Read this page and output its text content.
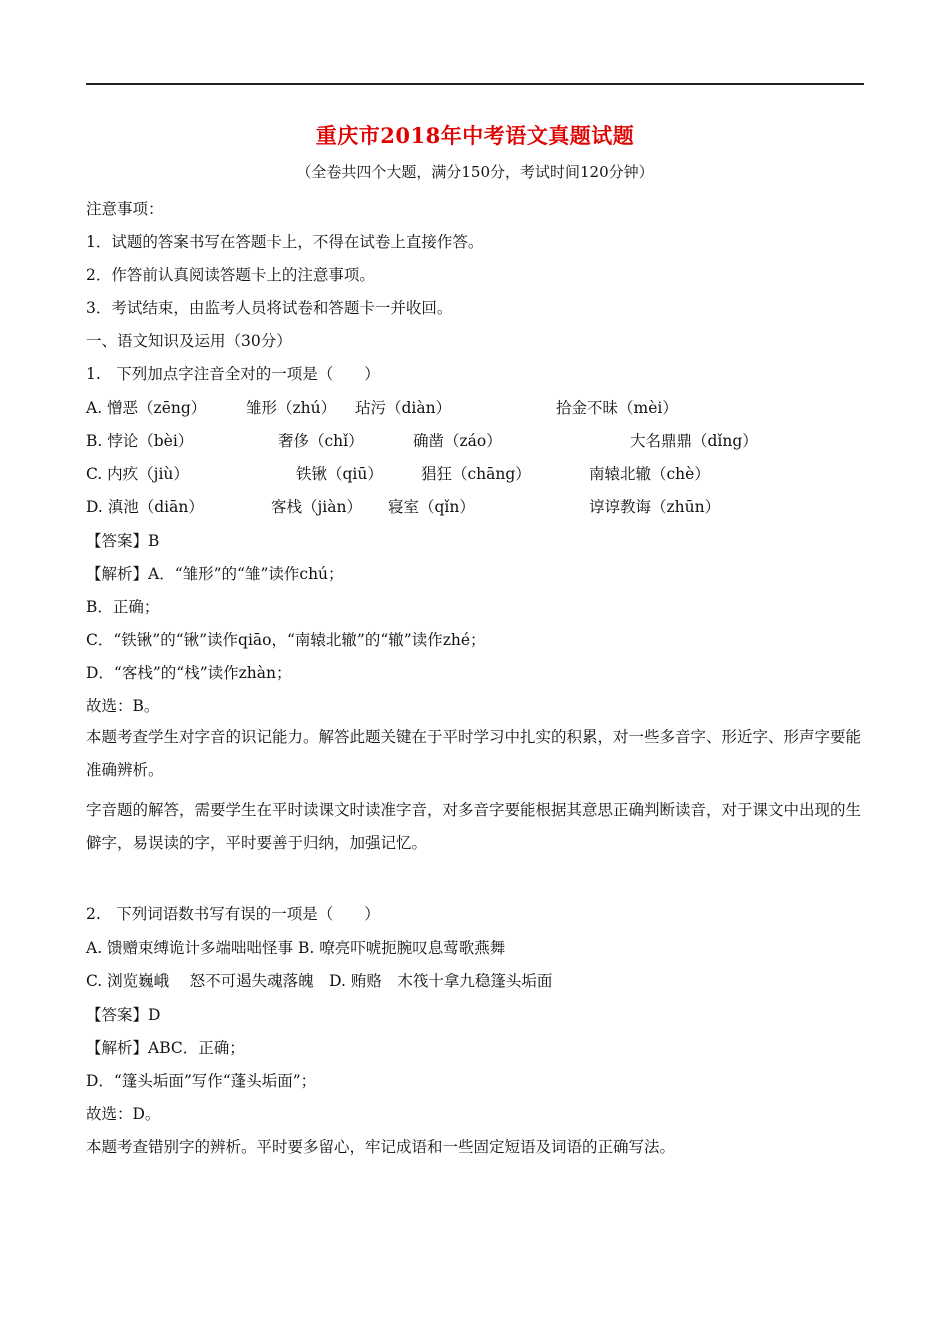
重庆市2018年中考语文真题试题
（全卷共四个大题，满分150分，考试时间120分钟）
注意事项：
1．试题的答案书写在答题卡上，不得在试卷上直接作答。
2．作答前认真阅读答题卡上的注意事项。
3．考试结束，由监考人员将试卷和答题卡一并收回。
一、语文知识及运用（30分）
1.　下列加点字注音全对的一项是（　　）
A. 憎恶（zēng）	雏形（zhú） 玷污（diàn）	拾金不昧（mèi）
B. 悖论（bèi）	奢侈（chǐ）	确凿（záo）	大名鼎鼎（dǐng）
C. 内疚（jiù）	铁锹（qiū） 猖狂（chāng）	南辕北辙（chè）
D. 滇池（diān）	客栈（jiàn） 寝室（qǐn）	谆谆教诲（zhūn）
【答案】B
【解析】A．“雏形”的“雏”读作chú；
B．正确；
C．“铁锹”的“锹”读作qiāo，“南辕北辙”的“辙”读作zhé；
D．“客栈”的“栈”读作zhàn；
故选：B。
本题考查学生对字音的识记能力。解答此题关键在于平时学习中扎实的积累，对一些多音字、形近字、形声字要能准确辨析。
字音题的解答，需要学生在平时读课文时读准字音，对多音字要能根据其意思正确判断读音，对于课文中出现的生僻字，易误读的字，平时要善于归纳，加强记忆。
2.　下列词语数书写有误的一项是（　　）
A. 馈赠束缚诡计多端咄咄怪事 B. 嘹亮吓唬扼腕叹息莺歌燕舞
C. 浏览巍峨　 怒不可遏失魂落魄　D. 贿赂　木筏十拿九稳篷头垢面
【答案】D
【解析】ABC．正确；
D．“篷头垢面”写作“蓬头垢面”；
故选：D。
本题考查错别字的辨析。平时要多留心，牢记成语和一些固定短语及词语的正确写法。
